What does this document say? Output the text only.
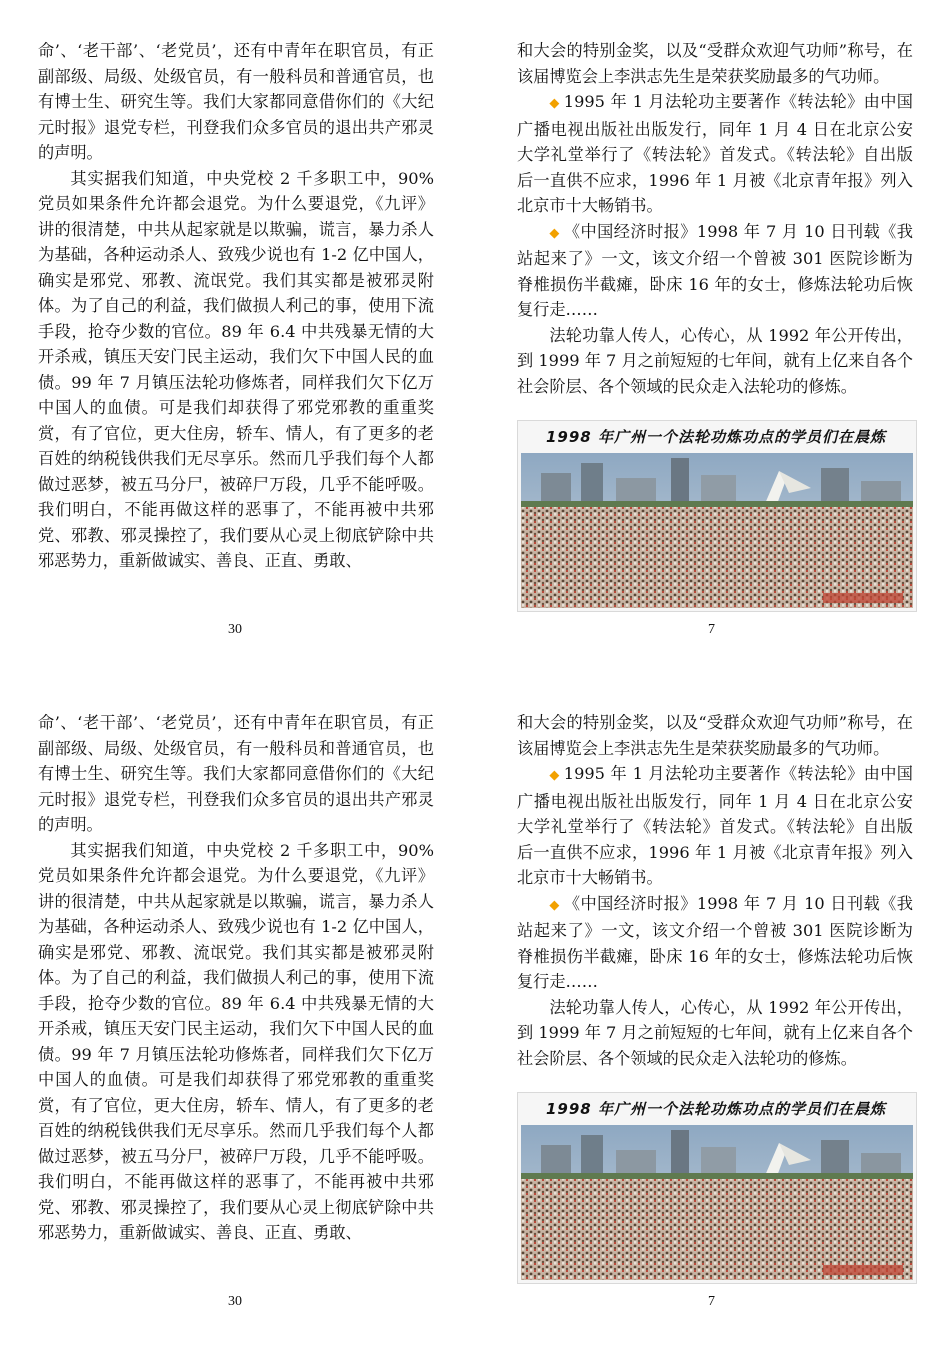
命’、‘老干部’、‘老党员’，还有中青年在职官员，有正副部级、局级、处级官员，有一般科员和普通官员，也有博士生、研究生等。我们大家都同意借你们的《大纪元时报》退党专栏，刊登我们众多官员的退出共产邪灵的声明。

其实据我们知道，中央党校 2 千多职工中，90% 党员如果条件允许都会退党。为什么要退党，《九评》讲的很清楚，中共从起家就是以欺骗，谎言，暴力杀人为基础，各种运动杀人、致残少说也有 1-2 亿中国人，确实是邪党、邪教、流氓党。我们其实都是被邪灵附体。为了自己的利益，我们做损人利己的事，使用下流手段，抢夺少数的官位。89 年 6.4 中共残暴无情的大开杀戒，镇压天安门民主运动，我们欠下中国人民的血债。99 年 7 月镇压法轮功修炼者，同样我们欠下亿万中国人的血债。可是我们却获得了邪党邪教的重重奖赏，有了官位，更大住房，轿车、情人，有了更多的老百姓的纳税钱供我们无尽享乐。然而几乎我们每个人都做过恶梦，被五马分尸，被碎尸万段，几乎不能呼吸。我们明白，不能再做这样的恶事了，不能再被中共邪党、邪教、邪灵操控了，我们要从心灵上彻底铲除中共邪恶势力，重新做诚实、善良、正直、勇敢、

和大会的特别金奖，以及“受群众欢迎气功师”称号，在该届博览会上李洪志先生是荣获奖励最多的气功师。

◆ 1995 年 1 月法轮功主要著作《转法轮》由中国广播电视出版社出版发行，同年 1 月 4 日在北京公安大学礼堂举行了《转法轮》首发式。《转法轮》自出版后一直供不应求，1996 年 1 月被《北京青年报》列入北京市十大畅销书。

◆ 《中国经济时报》1998 年 7 月 10 日刊载《我站起来了》一文，该文介绍一个曾被 301 医院诊断为脊椎损伤半截瘫，卧床 16 年的女士，修炼法轮功后恢复行走……

法轮功靠人传人，心传心，从 1992 年公开传出，到 1999 年 7 月之前短短的七年间，就有上亿来自各个社会阶层、各个领域的民众走入法轮功的修炼。

1998 年广州一个法轮功炼功点的学员们在晨炼
30	7

命’、‘老干部’、‘老党员’，还有中青年在职官员，有正副部级、局级、处级官员，有一般科员和普通官员，也有博士生、研究生等。我们大家都同意借你们的《大纪元时报》退党专栏，刊登我们众多官员的退出共产邪灵的声明。

其实据我们知道，中央党校 2 千多职工中，90% 党员如果条件允许都会退党。为什么要退党，《九评》讲的很清楚，中共从起家就是以欺骗，谎言，暴力杀人为基础，各种运动杀人、致残少说也有 1-2 亿中国人，确实是邪党、邪教、流氓党。我们其实都是被邪灵附体。为了自己的利益，我们做损人利己的事，使用下流手段，抢夺少数的官位。89 年 6.4 中共残暴无情的大开杀戒，镇压天安门民主运动，我们欠下中国人民的血债。99 年 7 月镇压法轮功修炼者，同样我们欠下亿万中国人的血债。可是我们却获得了邪党邪教的重重奖赏，有了官位，更大住房，轿车、情人，有了更多的老百姓的纳税钱供我们无尽享乐。然而几乎我们每个人都做过恶梦，被五马分尸，被碎尸万段，几乎不能呼吸。我们明白，不能再做这样的恶事了，不能再被中共邪党、邪教、邪灵操控了，我们要从心灵上彻底铲除中共邪恶势力，重新做诚实、善良、正直、勇敢、

和大会的特别金奖，以及“受群众欢迎气功师”称号，在该届博览会上李洪志先生是荣获奖励最多的气功师。

◆ 1995 年 1 月法轮功主要著作《转法轮》由中国广播电视出版社出版发行，同年 1 月 4 日在北京公安大学礼堂举行了《转法轮》首发式。《转法轮》自出版后一直供不应求，1996 年 1 月被《北京青年报》列入北京市十大畅销书。

◆ 《中国经济时报》1998 年 7 月 10 日刊载《我站起来了》一文，该文介绍一个曾被 301 医院诊断为脊椎损伤半截瘫，卧床 16 年的女士，修炼法轮功后恢复行走……

法轮功靠人传人，心传心，从 1992 年公开传出，到 1999 年 7 月之前短短的七年间，就有上亿来自各个社会阶层、各个领域的民众走入法轮功的修炼。

1998 年广州一个法轮功炼功点的学员们在晨炼
30	7
